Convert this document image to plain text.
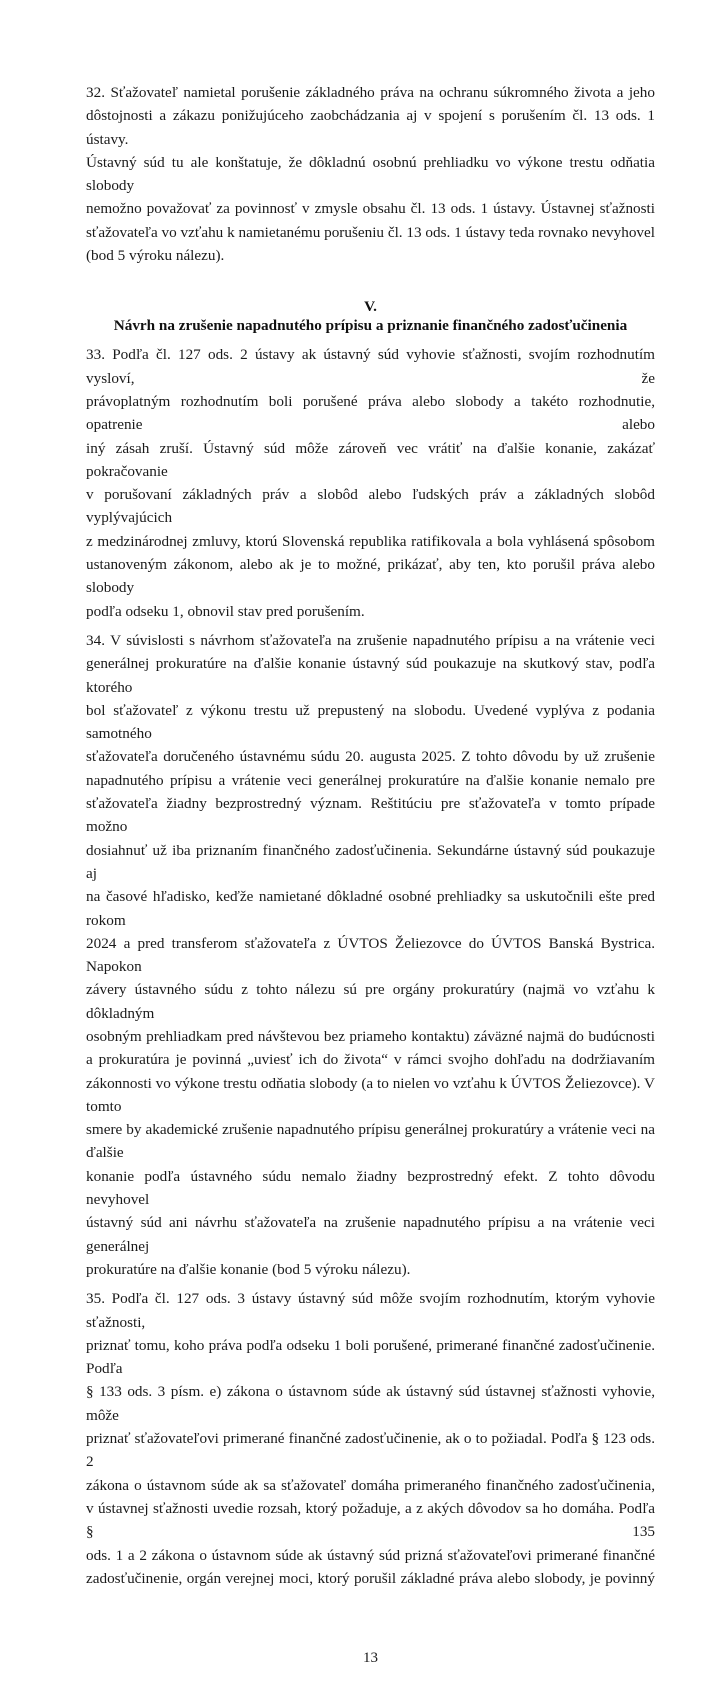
32. Sťažovateľ namietal porušenie základného práva na ochranu súkromného života a jeho
dôstojnosti a zákazu ponižujúceho zaobchádzania aj v spojení s porušením čl. 13 ods. 1 ústavy.
Ústavný súd tu ale konštatuje, že dôkladnú osobnú prehliadku vo výkone trestu odňatia slobody
nemožno považovať za povinnosť v zmysle obsahu čl. 13 ods. 1 ústavy. Ústavnej sťažnosti
sťažovateľa vo vzťahu k namietanému porušeniu čl. 13 ods. 1 ústavy teda rovnako nevyhovel
(bod 5 výroku nálezu).
V.
Návrh na zrušenie napadnutého prípisu a priznanie finančného zadosťučinenia
33. Podľa čl. 127 ods. 2 ústavy ak ústavný súd vyhovie sťažnosti, svojím rozhodnutím vysloví, že
právoplatným rozhodnutím boli porušené práva alebo slobody a takéto rozhodnutie, opatrenie alebo
iný zásah zruší. Ústavný súd môže zároveň vec vrátiť na ďalšie konanie, zakázať pokračovanie
v porušovaní základných práv a slobôd alebo ľudských práv a základných slobôd vyplývajúcich
z medzinárodnej zmluvy, ktorú Slovenská republika ratifikovala a bola vyhlásená spôsobom
ustanoveným zákonom, alebo ak je to možné, prikázať, aby ten, kto porušil práva alebo slobody
podľa odseku 1, obnovil stav pred porušením.
34. V súvislosti s návrhom sťažovateľa na zrušenie napadnutého prípisu a na vrátenie veci
generálnej prokuratúre na ďalšie konanie ústavný súd poukazuje na skutkový stav, podľa ktorého
bol sťažovateľ z výkonu trestu už prepustený na slobodu. Uvedené vyplýva z podania samotného
sťažovateľa doručeného ústavnému súdu 20. augusta 2025. Z tohto dôvodu by už zrušenie
napadnutého prípisu a vrátenie veci generálnej prokuratúre na ďalšie konanie nemalo pre
sťažovateľa žiadny bezprostredný význam. Reštitúciu pre sťažovateľa v tomto prípade možno
dosiahnuť už iba priznaním finančného zadosťučinenia. Sekundárne ústavný súd poukazuje aj
na časové hľadisko, keďže namietané dôkladné osobné prehliadky sa uskutočnili ešte pred rokom
2024 a pred transferom sťažovateľa z ÚVTOS Želiezovce do ÚVTOS Banská Bystrica. Napokon
závery ústavného súdu z tohto nálezu sú pre orgány prokuratúry (najmä vo vzťahu k dôkladným
osobným prehliadkam pred návštevou bez priameho kontaktu) záväzné najmä do budúcnosti
a prokuratúra je povinná „uviesť ich do života“ v rámci svojho dohľadu na dodržiavaním
zákonnosti vo výkone trestu odňatia slobody (a to nielen vo vzťahu k ÚVTOS Želiezovce). V tomto
smere by akademické zrušenie napadnutého prípisu generálnej prokuratúry a vrátenie veci na ďalšie
konanie podľa ústavného súdu nemalo žiadny bezprostredný efekt. Z tohto dôvodu nevyhovel
ústavný súd ani návrhu sťažovateľa na zrušenie napadnutého prípisu a na vrátenie veci generálnej
prokuratúre na ďalšie konanie (bod 5 výroku nálezu).
35. Podľa čl. 127 ods. 3 ústavy ústavný súd môže svojím rozhodnutím, ktorým vyhovie sťažnosti,
priznať tomu, koho práva podľa odseku 1 boli porušené, primerané finančné zadosťučinenie. Podľa
§ 133 ods. 3 písm. e) zákona o ústavnom súde ak ústavný súd ústavnej sťažnosti vyhovie, môže
priznať sťažovateľovi primerané finančné zadosťučinenie, ak o to požiadal. Podľa § 123 ods. 2
zákona o ústavnom súde ak sa sťažovateľ domáha primeraného finančného zadosťučinenia,
v ústavnej sťažnosti uvedie rozsah, ktorý požaduje, a z akých dôvodov sa ho domáha. Podľa § 135
ods. 1 a 2 zákona o ústavnom súde ak ústavný súd prizná sťažovateľovi primerané finančné
zadosťučinenie, orgán verejnej moci, ktorý porušil základné práva alebo slobody, je povinný
13
